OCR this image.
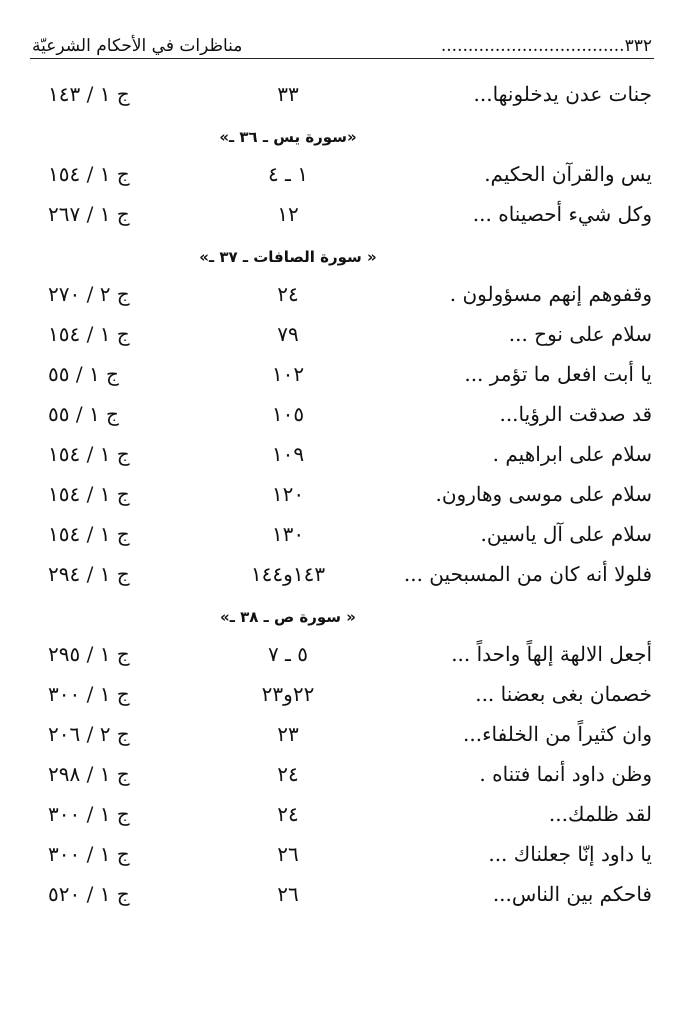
٣٣٢..................................
مناظرات في الأحكام الشرعيّة
جنات عدن يدخلونها...
٣٣
ج ١ / ١٤٣
«سورة يس ـ ٣٦ ـ»
يس والقرآن الحكيم.
١ ـ ٤
ج ١ / ١٥٤
وكل شيء أحصيناه ...
١٢
ج ١ / ٢٦٧
« سورة الصافات ـ ٣٧ ـ»
وقفوهم إنهم مسؤولون .
٢٤
ج ٢ / ٢٧٠
سلام على نوح ...
٧٩
ج ١ / ١٥٤
يا أبت افعل ما تؤمر ...
١٠٢
ج ١ / ٥٥
قد صدقت الرؤيا...
١٠٥
ج ١ / ٥٥
سلام على ابراهيم .
١٠٩
ج ١ / ١٥٤
سلام على موسى وهارون.
١٢٠
ج ١ / ١٥٤
سلام على آل ياسين.
١٣٠
ج ١ / ١٥٤
فلولا أنه كان من المسبحين ...
١٤٣و١٤٤
ج ١ / ٢٩٤
« سورة ص ـ ٣٨ ـ»
أجعل الالهة إلهاً واحداً ...
٥ ـ ٧
ج ١ / ٢٩٥
خصمان بغى بعضنا ...
٢٢و٢٣
ج ١ / ٣٠٠
وان كثيراً من الخلفاء...
٢٣
ج ٢ / ٢٠٦
وظن داود أنما فتناه .
٢٤
ج ١ / ٢٩٨
لقد ظلمك...
٢٤
ج ١ / ٣٠٠
يا داود إنّا جعلناك ...
٢٦
ج ١ / ٣٠٠
فاحكم بين الناس...
٢٦
ج ١ / ٥٢٠
